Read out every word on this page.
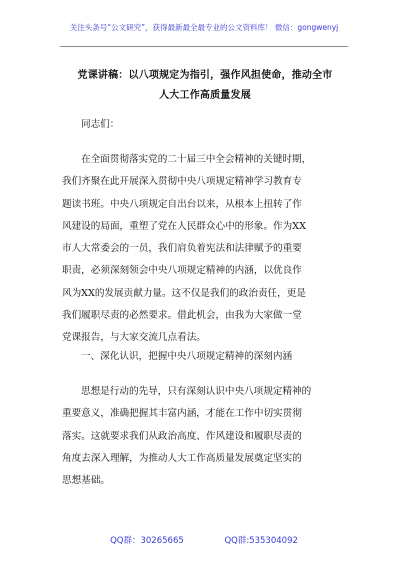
关注头条号“公文研究”，获得最新最全最专业的公文资料库！ 微信：gongwenyj
党课讲稿：以八项规定为指引，强作风担使命，推动全市
人大工作高质量发展
同志们：
在全面贯彻落实党的二十届三中全会精神的关键时期，
我们齐聚在此开展深入贯彻中央八项规定精神学习教育专
题读书班。中央八项规定自出台以来，从根本上扭转了作
风建设的局面，重塑了党在人民群众心中的形象。作为XX
市人大常委会的一员，我们肩负着宪法和法律赋予的重要
职责，必须深刻领会中央八项规定精神的内涵，以优良作
风为XX的发展贡献力量。这不仅是我们的政治责任，更是
我们履职尽责的必然要求。借此机会，由我为大家做一堂
党课报告，与大家交流几点看法。
一、深化认识，把握中央八项规定精神的深刻内涵
思想是行动的先导，只有深刻认识中央八项规定精神的
重要意义，准确把握其丰富内涵，才能在工作中切实贯彻
落实。这就要求我们从政治高度、作风建设和履职尽责的
角度去深入理解，为推动人大工作高质量发展奠定坚实的
思想基础。
QQ群：30265665	QQ群:535304092
